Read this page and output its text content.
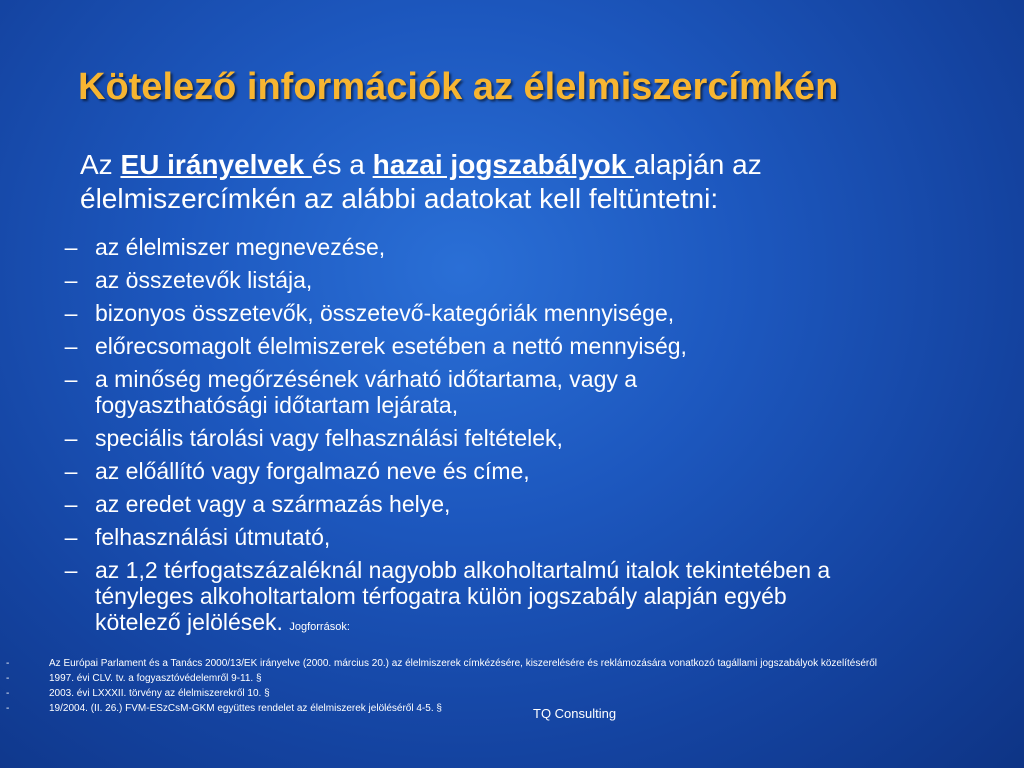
Kötelező információk az élelmiszercímkén
Az EU irányelvek és a hazai jogszabályok alapján az élelmiszercímkén az alábbi adatokat kell feltüntetni:
– az élelmiszer megnevezése,
– az összetevők listája,
– bizonyos összetevők, összetevő-kategóriák mennyisége,
– előrecsomagolt élelmiszerek esetében a nettó mennyiség,
– a minőség megőrzésének várható időtartama, vagy a fogyaszthatósági időtartam lejárata,
– speciális tárolási vagy felhasználási feltételek,
– az előállító vagy forgalmazó neve és címe,
– az eredet vagy a származás helye,
– felhasználási útmutató,
– az 1,2 térfogatszázaléknál nagyobb alkoholtartalmú italok tekintetében a tényleges alkoholtartalom térfogatra külön jogszabály alapján egyéb kötelező jelölések. Jogforrások:
-	Az Európai Parlament és a Tanács 2000/13/EK irányelve (2000. március 20.) az élelmiszerek címkézésére, kiszerelésére és reklámozására vonatkozó tagállami jogszabályok közelítéséről
-	1997. évi CLV. tv. a fogyasztóvédelemről 9-11. §
-	2003. évi LXXXII. törvény az élelmiszerekről 10. §
-	19/2004. (II. 26.) FVM-ESzCsM-GKM együttes rendelet az élelmiszerek jelöléséről 4-5. §	TQ Consulting
